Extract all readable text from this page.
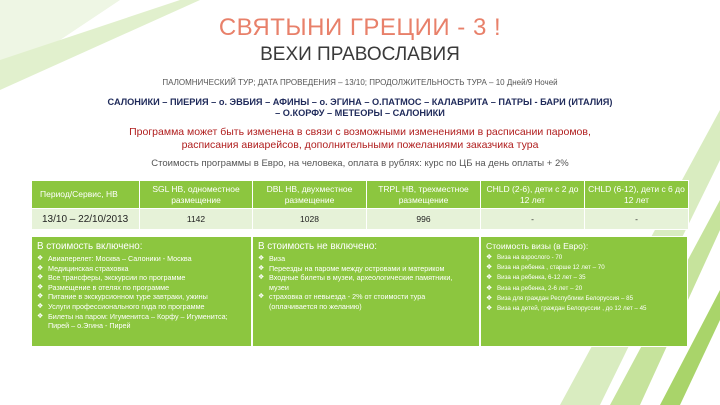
СВЯТЫНИ ГРЕЦИИ - 3 !
ВЕХИ ПРАВОСЛАВИЯ
ПАЛОМНИЧЕСКИЙ ТУР; ДАТА ПРОВЕДЕНИЯ – 13/10; ПРОДОЛЖИТЕЛЬНОСТЬ ТУРА – 10 Дней/9 Ночей
САЛОНИКИ – ПИЕРИЯ – о. ЭВБИЯ – АФИНЫ – о. ЭГИНА – О.ПАТМОС – КАЛАВРИТА – ПАТРЫ - БАРИ (ИТАЛИЯ)
– О.КОРФУ – МЕТЕОРЫ – САЛОНИКИ
Программа может быть изменена в связи с возможными изменениями в расписании паромов,
расписания авиарейсов, дополнительными пожеланиями заказчика тура
Стоимость программы в Евро, на человека, оплата в рублях: курс по ЦБ на день оплаты + 2%
Период/Сервис, НВ	SGL HB, одноместное размещение	DBL HB, двухместное размещение	TRPL HB, трехместное размещение	CHLD (2-6), дети с 2 до 12 лет	CHLD (6-12), дети с 6 до 12 лет
13/10 – 22/10/2013	1142	1028	996	-	-
В стоимость включено:
❖ Авиаперелет: Москва – Салоники - Москва
❖ Медицинская страховка
❖ Все трансферы, экскурсии по программе
❖ Размещение в отелях по программе
❖ Питание в экскурсионном туре завтраки, ужины
❖ Услуги профессионального гида по программе
❖ Билеты на паром: Игуменитса – Корфу – Игуменитса; Пирей – о.Эгина - Пирей
В стоимость не включено:
❖ Виза
❖ Переезды на пароме между островами и материком
❖ Входные билеты в музеи, археологические памятники, музеи
❖ страховка от невыезда - 2% от стоимости тура (оплачивается по желанию)
Стоимость визы (в Евро):
❖ Виза на взрослого - 70
❖ Виза на ребенка , старше 12 лет – 70
❖ Виза на ребенка, 6-12 лет – 35
❖ Виза на ребенка, 2-6 лет – 20
❖ Виза для граждан Республики Белоруссия – 85
❖ Виза на детей, граждан Белоруссии , до 12 лет – 45
